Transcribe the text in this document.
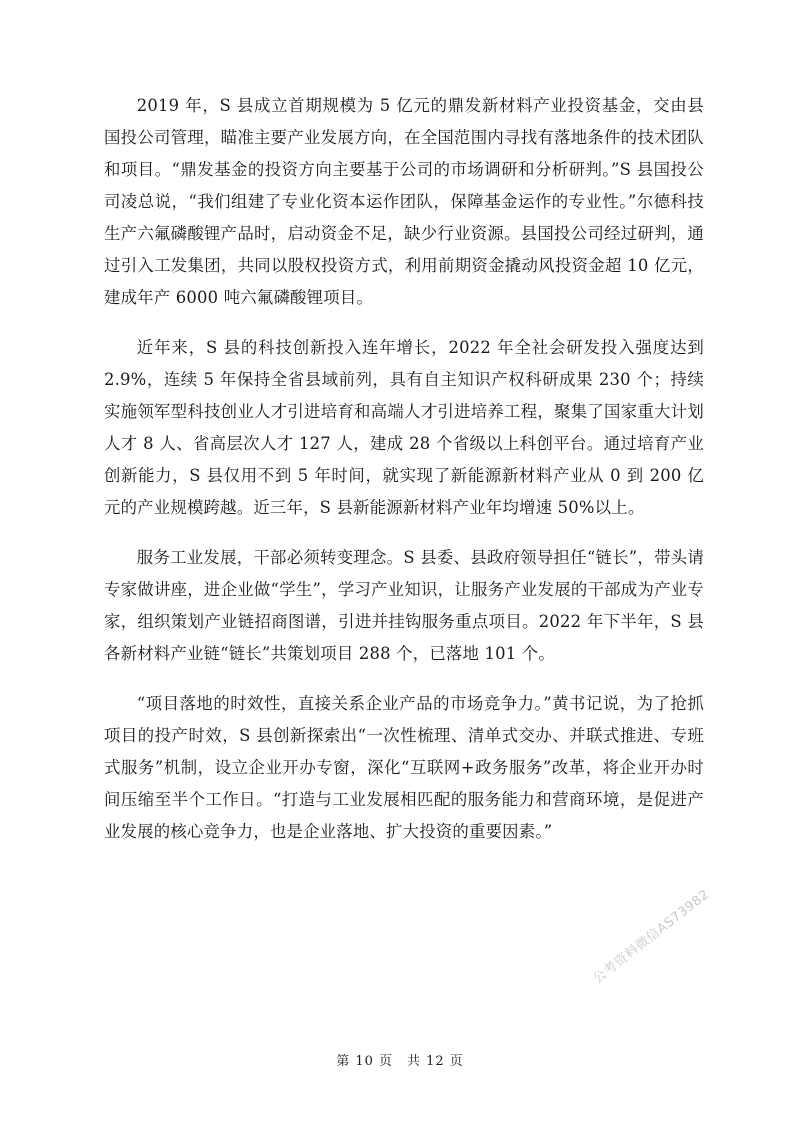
2019 年，S 县成立首期规模为 5 亿元的鼎发新材料产业投资基金，交由县国投公司管理，瞄准主要产业发展方向，在全国范围内寻找有落地条件的技术团队和项目。“鼎发基金的投资方向主要基于公司的市场调研和分析研判。”S 县国投公司凌总说，“我们组建了专业化资本运作团队，保障基金运作的专业性。”尔德科技生产六氟磷酸锂产品时，启动资金不足，缺少行业资源。县国投公司经过研判，通过引入工发集团，共同以股权投资方式，利用前期资金撬动风投资金超 10 亿元，建成年产 6000 吨六氟磷酸锂项目。

近年来，S 县的科技创新投入连年增长，2022 年全社会研发投入强度达到 2.9%，连续 5 年保持全省县域前列，具有自主知识产权科研成果 230 个；持续实施领军型科技创业人才引进培育和高端人才引进培养工程，聚集了国家重大计划人才 8 人、省高层次人才 127 人，建成 28 个省级以上科创平台。通过培育产业创新能力，S 县仅用不到 5 年时间，就实现了新能源新材料产业从 0 到 200 亿元的产业规模跨越。近三年，S 县新能源新材料产业年均增速 50%以上。

服务工业发展，干部必须转变理念。S 县委、县政府领导担任“链长”，带头请专家做讲座，进企业做“学生”，学习产业知识，让服务产业发展的干部成为产业专家，组织策划产业链招商图谱，引进并挂钩服务重点项目。2022 年下半年，S 县各新材料产业链“链长”共策划项目 288 个，已落地 101 个。

“项目落地的时效性，直接关系企业产品的市场竞争力。”黄书记说，为了抢抓项目的投产时效，S 县创新探索出“一次性梳理、清单式交办、并联式推进、专班式服务”机制，设立企业开办专窗，深化“互联网+政务服务”改革，将企业开办时间压缩至半个工作日。“打造与工业发展相匹配的服务能力和营商环境，是促进产业发展的核心竞争力，也是企业落地、扩大投资的重要因素。”

公考资料微信AS73982
第 10 页　共 12 页
